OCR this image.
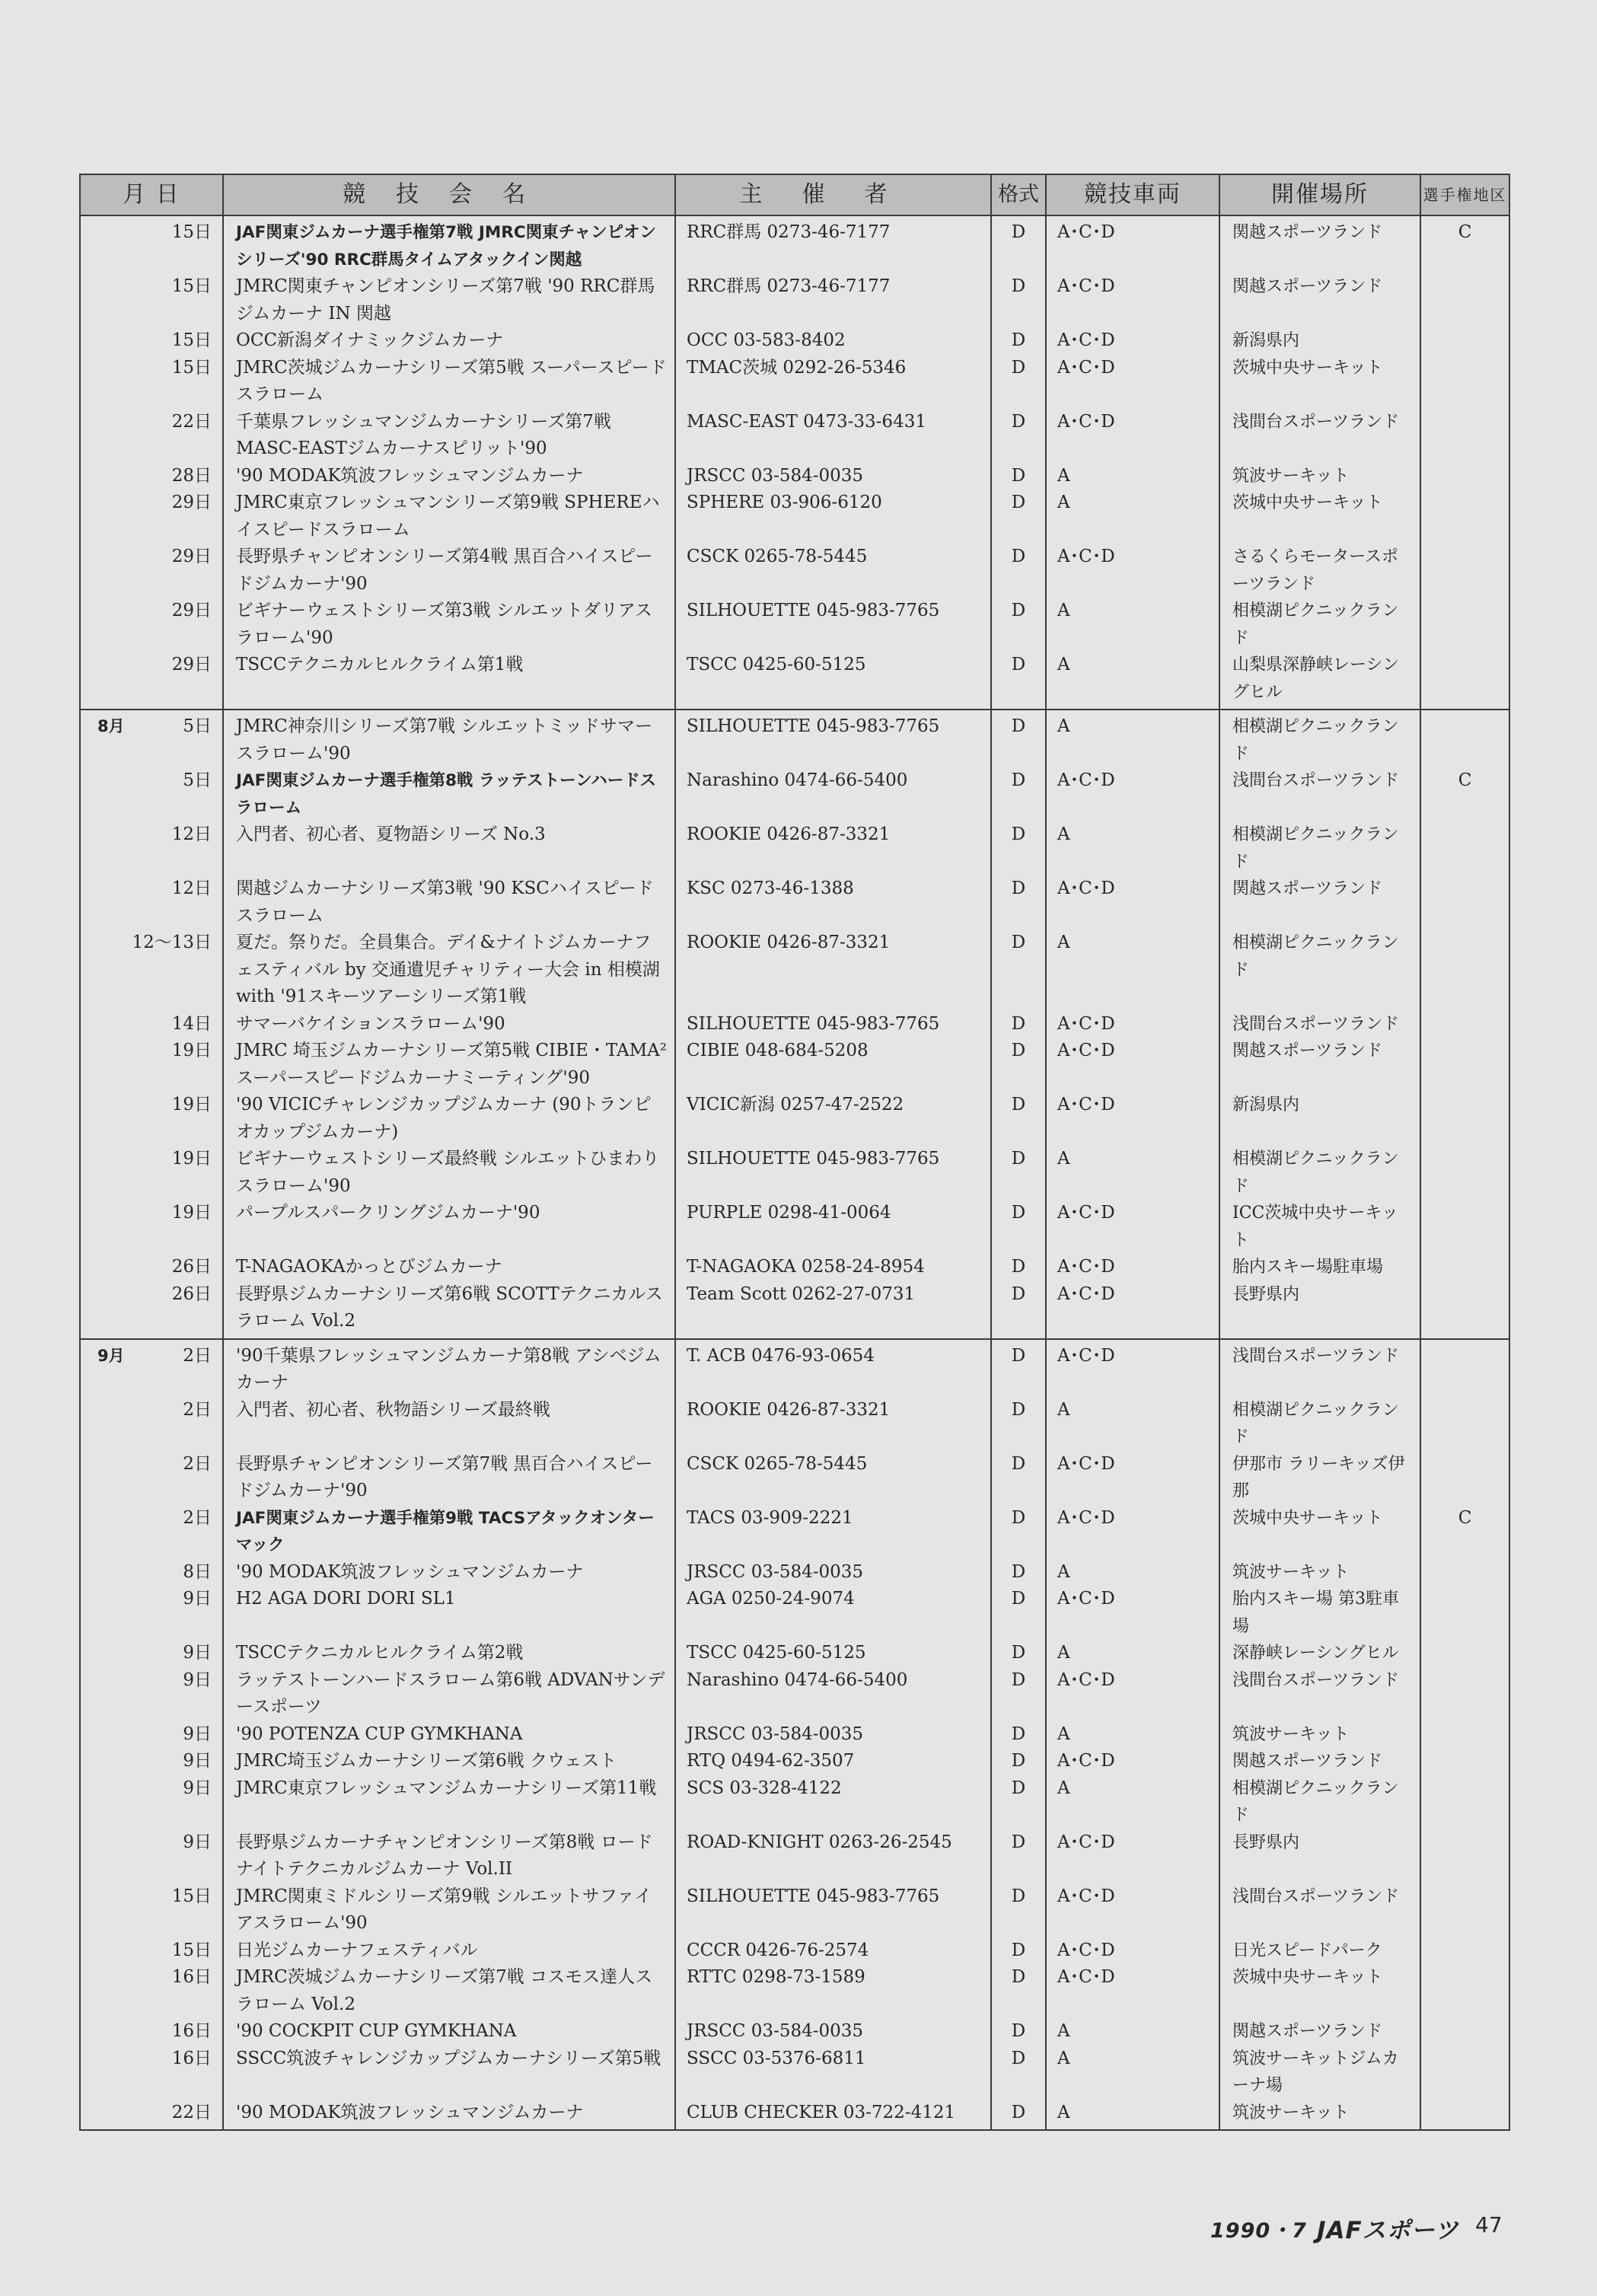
月 日	競技会名	主催者	格式	競技車両	開催場所	選手権地区
15日	JAF関東ジムカーナ選手権第7戦 JMRC関東チャンピオンシリーズ'90 RRC群馬タイムアタックイン関越	RRC群馬 0273-46-7177	D	A･C･D	関越スポーツランド	C
15日	JMRC関東チャンピオンシリーズ第7戦 '90 RRC群馬ジムカーナ IN 関越	RRC群馬 0273-46-7177	D	A･C･D	関越スポーツランド	
15日	OCC新潟ダイナミックジムカーナ	OCC 03-583-8402	D	A･C･D	新潟県内	
15日	JMRC茨城ジムカーナシリーズ第5戦 スーパースピードスラローム	TMAC茨城 0292-26-5346	D	A･C･D	茨城中央サーキット	
22日	千葉県フレッシュマンジムカーナシリーズ第7戦 MASC-EASTジムカーナスピリット'90	MASC-EAST 0473-33-6431	D	A･C･D	浅間台スポーツランド	
28日	'90 MODAK筑波フレッシュマンジムカーナ	JRSCC 03-584-0035	D	A	筑波サーキット	
29日	JMRC東京フレッシュマンシリーズ第9戦 SPHEREハイスピードスラローム	SPHERE 03-906-6120	D	A	茨城中央サーキット	
29日	長野県チャンピオンシリーズ第4戦 黒百合ハイスピードジムカーナ'90	CSCK 0265-78-5445	D	A･C･D	さるくらモータースポーツランド	
29日	ビギナーウェストシリーズ第3戦 シルエットダリアスラローム'90	SILHOUETTE 045-983-7765	D	A	相模湖ピクニックランド	
29日	TSCCテクニカルヒルクライム第1戦	TSCC 0425-60-5125	D	A	山梨県深静峡レーシングヒル	

8月 5日	JMRC神奈川シリーズ第7戦 シルエットミッドサマースラローム'90	SILHOUETTE 045-983-7765	D	A	相模湖ピクニックランド	
5日	JAF関東ジムカーナ選手権第8戦 ラッテストーンハードスラローム	Narashino 0474-66-5400	D	A･C･D	浅間台スポーツランド	C
12日	入門者、初心者、夏物語シリーズ No.3	ROOKIE 0426-87-3321	D	A	相模湖ピクニックランド	
12日	関越ジムカーナシリーズ第3戦 '90 KSCハイスピードスラローム	KSC 0273-46-1388	D	A･C･D	関越スポーツランド	
12〜13日	夏だ。祭りだ。全員集合。デイ&ナイトジムカーナフェスティバル by 交通遺児チャリティー大会 in 相模湖 with '91スキーツアーシリーズ第1戦	ROOKIE 0426-87-3321	D	A	相模湖ピクニックランド	
14日	サマーバケイションスラローム'90	SILHOUETTE 045-983-7765	D	A･C･D	浅間台スポーツランド	
19日	JMRC 埼玉ジムカーナシリーズ第5戦 CIBIE・TAMA²スーパースピードジムカーナミーティング'90	CIBIE 048-684-5208	D	A･C･D	関越スポーツランド	
19日	'90 VICICチャレンジカップジムカーナ (90トランピオカップジムカーナ)	VICIC新潟 0257-47-2522	D	A･C･D	新潟県内	
19日	ビギナーウェストシリーズ最終戦 シルエットひまわりスラローム'90	SILHOUETTE 045-983-7765	D	A	相模湖ピクニックランド	
19日	パープルスパークリングジムカーナ'90	PURPLE 0298-41-0064	D	A･C･D	ICC茨城中央サーキット	
26日	T-NAGAOKAかっとびジムカーナ	T-NAGAOKA 0258-24-8954	D	A･C･D	胎内スキー場駐車場	
26日	長野県ジムカーナシリーズ第6戦 SCOTTテクニカルスラローム Vol.2	Team Scott 0262-27-0731	D	A･C･D	長野県内	

9月 2日	'90千葉県フレッシュマンジムカーナ第8戦 アシベジムカーナ	T. ACB 0476-93-0654	D	A･C･D	浅間台スポーツランド	
2日	入門者、初心者、秋物語シリーズ最終戦	ROOKIE 0426-87-3321	D	A	相模湖ピクニックランド	
2日	長野県チャンピオンシリーズ第7戦 黒百合ハイスピードジムカーナ'90	CSCK 0265-78-5445	D	A･C･D	伊那市 ラリーキッズ伊那	
2日	JAF関東ジムカーナ選手権第9戦 TACSアタックオンターマック	TACS 03-909-2221	D	A･C･D	茨城中央サーキット	C
8日	'90 MODAK筑波フレッシュマンジムカーナ	JRSCC 03-584-0035	D	A	筑波サーキット	
9日	H2 AGA DORI DORI SL1	AGA 0250-24-9074	D	A･C･D	胎内スキー場 第3駐車場	
9日	TSCCテクニカルヒルクライム第2戦	TSCC 0425-60-5125	D	A	深静峡レーシングヒル	
9日	ラッテストーンハードスラローム第6戦 ADVANサンデースポーツ	Narashino 0474-66-5400	D	A･C･D	浅間台スポーツランド	
9日	'90 POTENZA CUP GYMKHANA	JRSCC 03-584-0035	D	A	筑波サーキット	
9日	JMRC埼玉ジムカーナシリーズ第6戦 クウェスト	RTQ 0494-62-3507	D	A･C･D	関越スポーツランド	
9日	JMRC東京フレッシュマンジムカーナシリーズ第11戦	SCS 03-328-4122	D	A	相模湖ピクニックランド	
9日	長野県ジムカーナチャンピオンシリーズ第8戦 ロードナイトテクニカルジムカーナ Vol.II	ROAD-KNIGHT 0263-26-2545	D	A･C･D	長野県内	
15日	JMRC関東ミドルシリーズ第9戦 シルエットサファイアスラローム'90	SILHOUETTE 045-983-7765	D	A･C･D	浅間台スポーツランド	
15日	日光ジムカーナフェスティバル	CCCR 0426-76-2574	D	A･C･D	日光スピードパーク	
16日	JMRC茨城ジムカーナシリーズ第7戦 コスモス達人スラローム Vol.2	RTTC 0298-73-1589	D	A･C･D	茨城中央サーキット	
16日	'90 COCKPIT CUP GYMKHANA	JRSCC 03-584-0035	D	A	関越スポーツランド	
16日	SSCC筑波チャレンジカップジムカーナシリーズ第5戦	SSCC 03-5376-6811	D	A	筑波サーキットジムカーナ場	
22日	'90 MODAK筑波フレッシュマンジムカーナ	CLUB CHECKER 03-722-4121	D	A	筑波サーキット	
1990・7 JAFスポーツ 47
